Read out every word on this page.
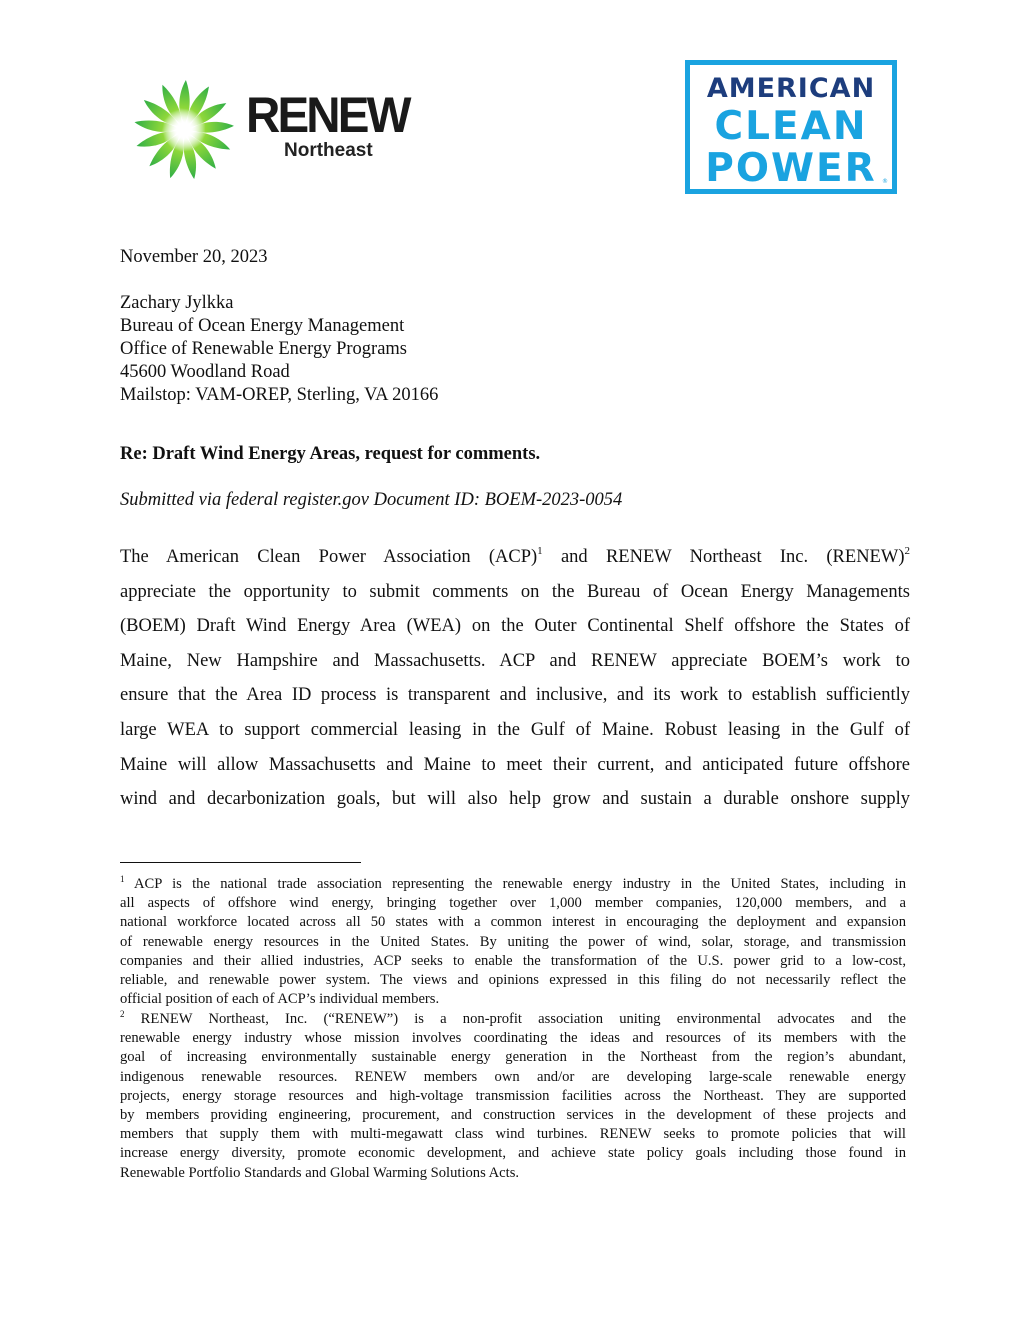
RENEW
Northeast
AMERICAN
CLEAN
POWER ®
November 20, 2023
Zachary Jylkka
Bureau of Ocean Energy Management
Office of Renewable Energy Programs
45600 Woodland Road
Mailstop: VAM-OREP, Sterling, VA 20166
Re: Draft Wind Energy Areas, request for comments.
Submitted via federal register.gov Document ID: BOEM-2023-0054
The American Clean Power Association (ACP)$^1$ and RENEW Northeast Inc. (RENEW)$^2$
appreciate the opportunity to submit comments on the Bureau of Ocean Energy Managements
(BOEM) Draft Wind Energy Area (WEA) on the Outer Continental Shelf offshore the States of
Maine, New Hampshire and Massachusetts. ACP and RENEW appreciate BOEM’s work to
ensure that the Area ID process is transparent and inclusive, and its work to establish sufficiently
large WEA to support commercial leasing in the Gulf of Maine. Robust leasing in the Gulf of
Maine will allow Massachusetts and Maine to meet their current, and anticipated future offshore
wind and decarbonization goals, but will also help grow and sustain a durable onshore supply
$^1$ ACP is the national trade association representing the renewable energy industry in the United States, including in
all aspects of offshore wind energy, bringing together over 1,000 member companies, 120,000 members, and a
national workforce located across all 50 states with a common interest in encouraging the deployment and expansion
of renewable energy resources in the United States. By uniting the power of wind, solar, storage, and transmission
companies and their allied industries, ACP seeks to enable the transformation of the U.S. power grid to a low-cost,
reliable, and renewable power system. The views and opinions expressed in this filing do not necessarily reflect the
official position of each of ACP’s individual members.
$^2$ RENEW Northeast, Inc. (“RENEW”) is a non-profit association uniting environmental advocates and the
renewable energy industry whose mission involves coordinating the ideas and resources of its members with the
goal of increasing environmentally sustainable energy generation in the Northeast from the region’s abundant,
indigenous renewable resources. RENEW members own and/or are developing large-scale renewable energy
projects, energy storage resources and high-voltage transmission facilities across the Northeast. They are supported
by members providing engineering, procurement, and construction services in the development of these projects and
members that supply them with multi-megawatt class wind turbines. RENEW seeks to promote policies that will
increase energy diversity, promote economic development, and achieve state policy goals including those found in
Renewable Portfolio Standards and Global Warming Solutions Acts.
